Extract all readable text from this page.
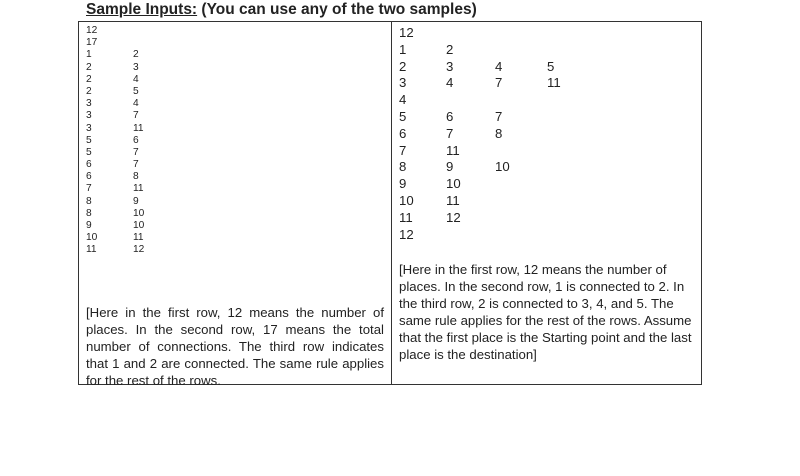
Sample Inputs: (You can use any of the two samples)
12
17
1	2
2	3
2	4
2	5
3	4
3	7
3	11
5	6
5	7
6	7
6	8
7	11
8	9
8	10
9	10
10	11
11	12
[Here in the first row, 12 means the number of places. In the second row, 17 means the total number of connections. The third row indicates that 1 and 2 are connected. The same rule applies for the rest of the rows.
12
1	2
2	3	4	5
3	4	7	11
4
5	6	7
6	7	8
7	11
8	9	10
9	10
10 11
11	12
12
[Here in the first row, 12 means the number of places. In the second row, 1 is connected to 2. In the third row, 2 is connected to 3, 4, and 5. The same rule applies for the rest of the rows. Assume that the first place is the Starting point and the last place is the destination]
